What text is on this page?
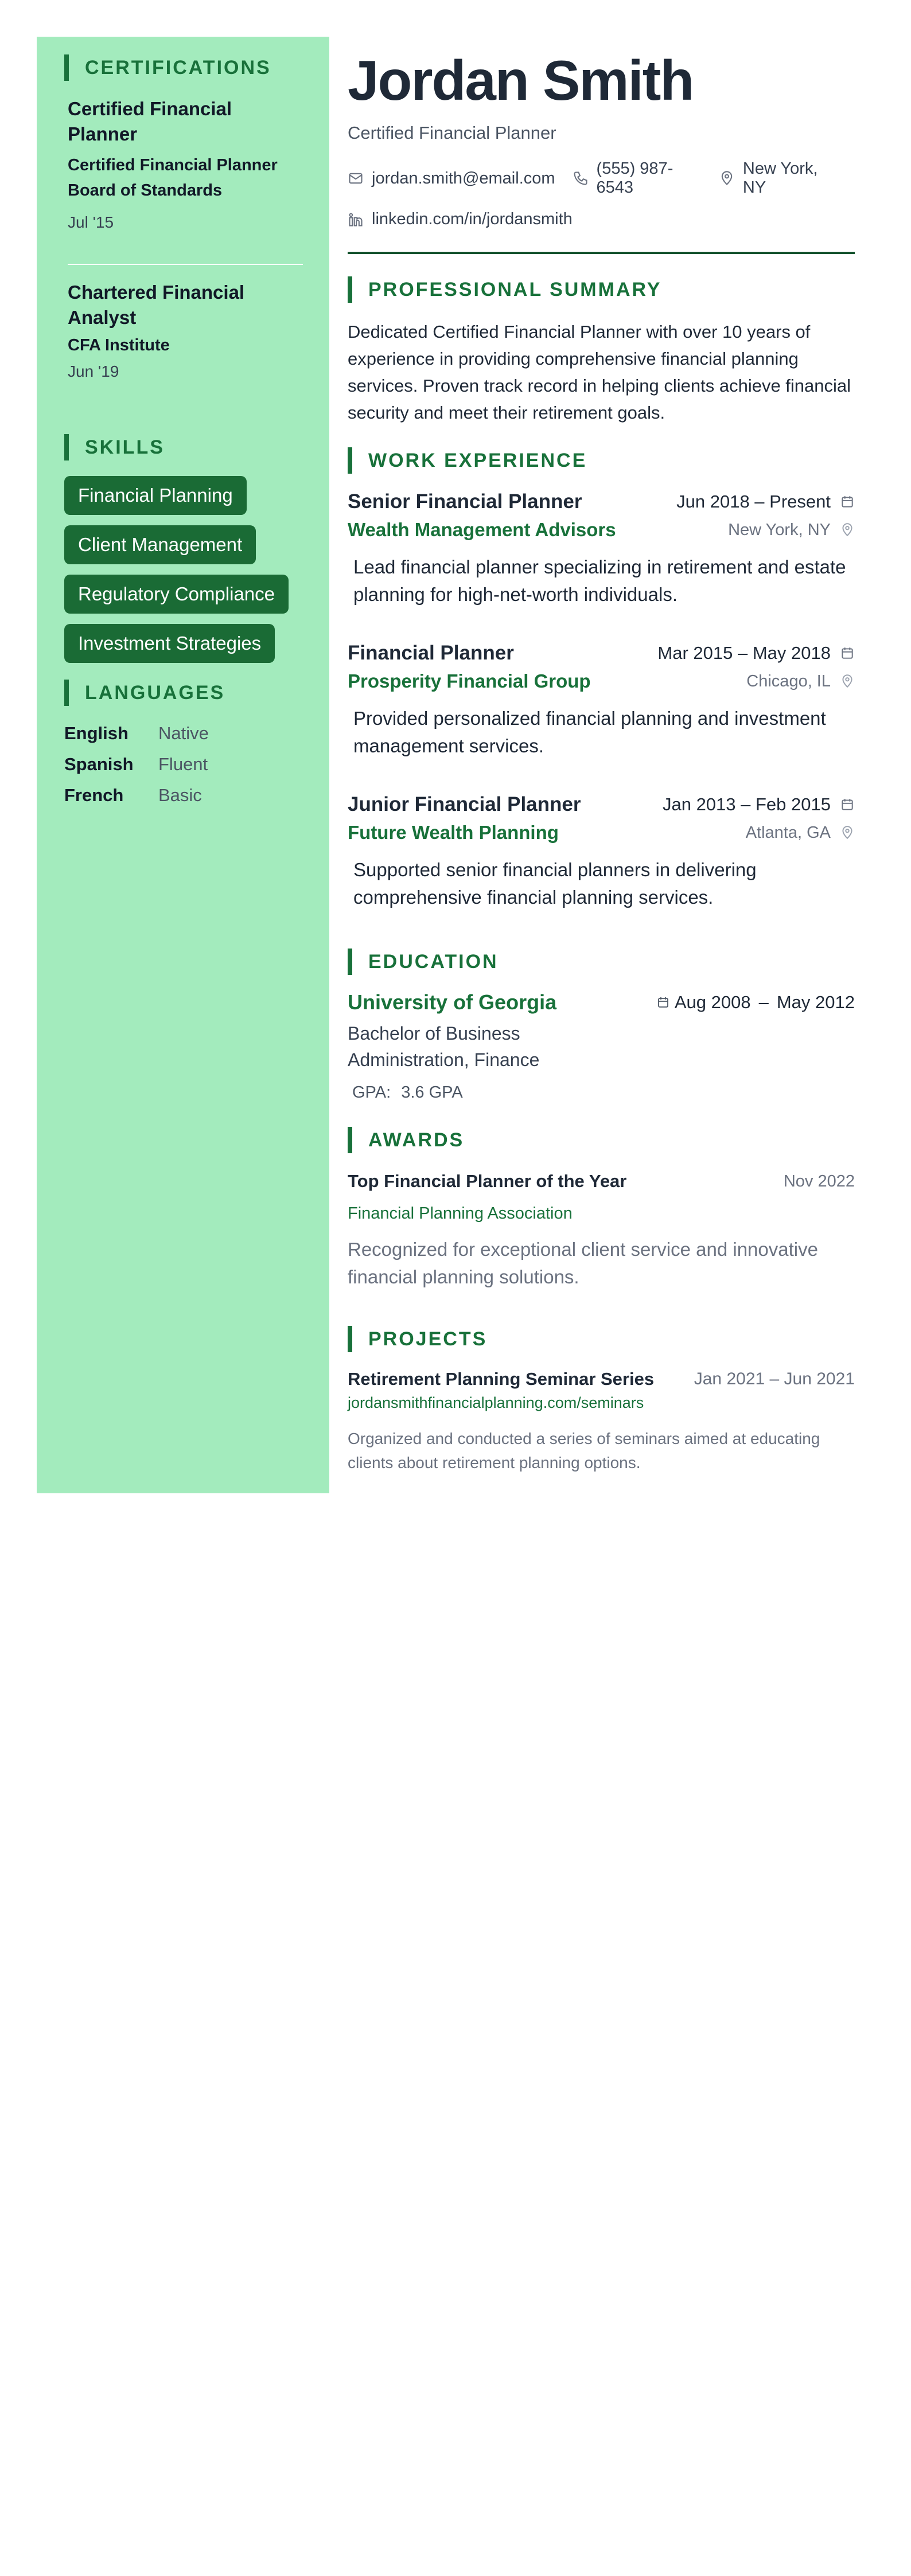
CERTIFICATIONS
Certified Financial Planner
Certified Financial Planner Board of Standards
Jul '15
Chartered Financial Analyst
CFA Institute
Jun '19
SKILLS
Financial Planning
Client Management
Regulatory Compliance
Investment Strategies
LANGUAGES
English	Native
Spanish	Fluent
French	Basic
Jordan Smith
Certified Financial Planner
jordan.smith@email.com
(555) 987-6543
New York, NY
linkedin.com/in/jordansmith
PROFESSIONAL SUMMARY
Dedicated Certified Financial Planner with over 10 years of experience in providing comprehensive financial planning services. Proven track record in helping clients achieve financial security and meet their retirement goals.
WORK EXPERIENCE
Senior Financial Planner	Jun 2018 – Present
Wealth Management Advisors	New York, NY
Lead financial planner specializing in retirement and estate planning for high-net-worth individuals.
Financial Planner	Mar 2015 – May 2018
Prosperity Financial Group	Chicago, IL
Provided personalized financial planning and investment management services.
Junior Financial Planner	Jan 2013 – Feb 2015
Future Wealth Planning	Atlanta, GA
Supported senior financial planners in delivering comprehensive financial planning services.
EDUCATION
University of Georgia	Aug 2008 – May 2012
Bachelor of Business Administration, Finance
GPA: 3.6 GPA
AWARDS
Top Financial Planner of the Year	Nov 2022
Financial Planning Association
Recognized for exceptional client service and innovative financial planning solutions.
PROJECTS
Retirement Planning Seminar Series Jan 2021 – Jun 2021
jordansmithfinancialplanning.com/seminars
Organized and conducted a series of seminars aimed at educating clients about retirement planning options.
